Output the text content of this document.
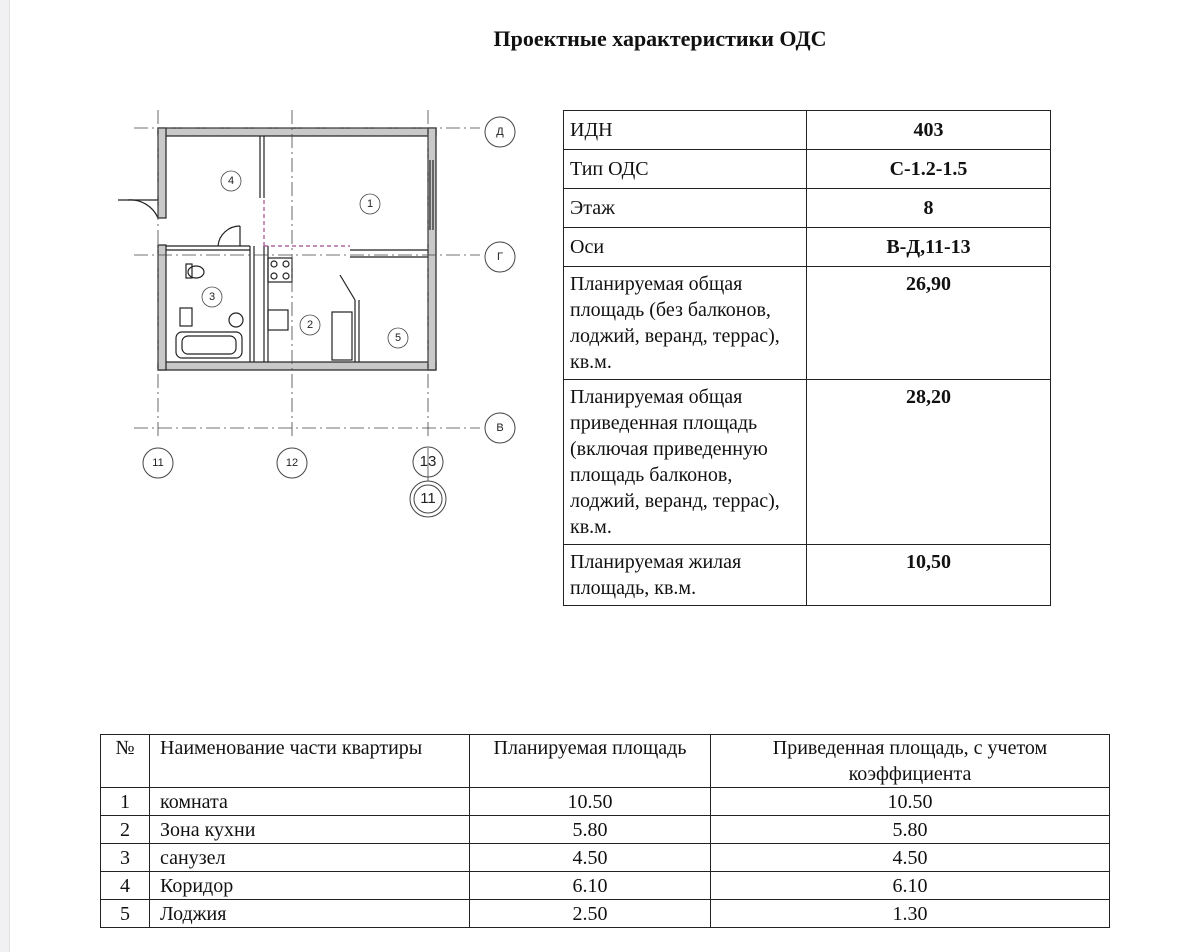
Проектные характеристики ОДС
Д
Г
В
11	12	13
11
1
2
3
4
5
ИДН	403
Тип ОДС	С-1.2-1.5
Этаж	8
Оси	В-Д,11-13
Планируемая общая площадь (без балконов, лоджий, веранд, террас), кв.м.	26,90
Планируемая общая приведенная площадь (включая приведенную площадь балконов, лоджий, веранд, террас), кв.м.	28,20
Планируемая жилая площадь, кв.м.	10,50
№	Наименование части квартиры	Планируемая площадь	Приведенная площадь, с учетом коэффициента
1	комната	10.50	10.50
2	Зона кухни	5.80	5.80
3	санузел	4.50	4.50
4	Коридор	6.10	6.10
5	Лоджия	2.50	1.30
